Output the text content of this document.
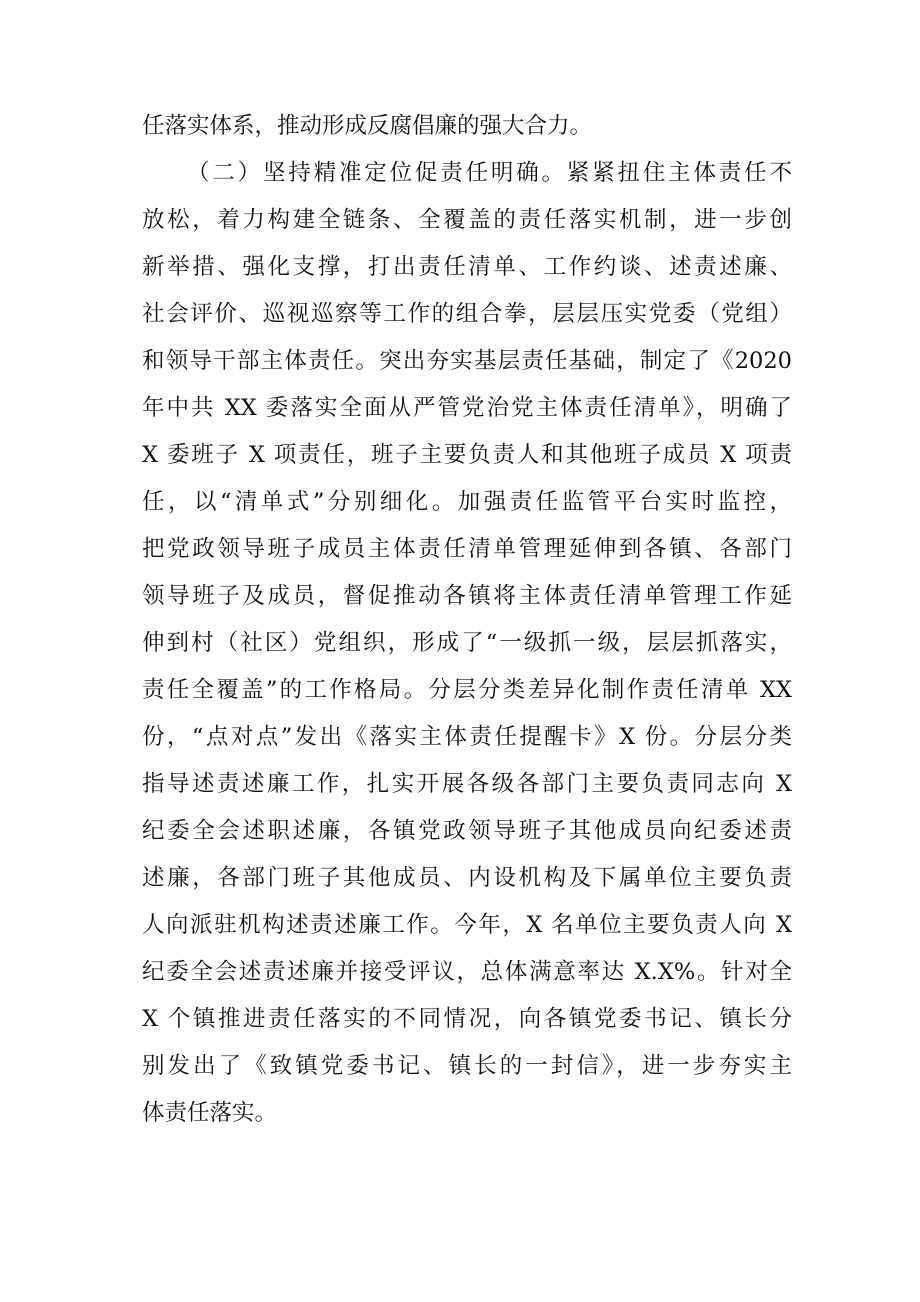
任落实体系，推动形成反腐倡廉的强大合力。
（二）坚持精准定位促责任明确。紧紧扭住主体责任不
放松，着力构建全链条、全覆盖的责任落实机制，进一步创
新举措、强化支撑，打出责任清单、工作约谈、述责述廉、
社会评价、巡视巡察等工作的组合拳，层层压实党委（党组）
和领导干部主体责任。突出夯实基层责任基础，制定了《2020
年中共 XX 委落实全面从严管党治党主体责任清单》，明确了
X 委班子 X 项责任，班子主要负责人和其他班子成员 X 项责
任，以“清单式”分别细化。加强责任监管平台实时监控，
把党政领导班子成员主体责任清单管理延伸到各镇、各部门
领导班子及成员，督促推动各镇将主体责任清单管理工作延
伸到村（社区）党组织，形成了“一级抓一级，层层抓落实，
责任全覆盖”的工作格局。分层分类差异化制作责任清单 XX
份，“点对点”发出《落实主体责任提醒卡》X 份。分层分类
指导述责述廉工作，扎实开展各级各部门主要负责同志向 X
纪委全会述职述廉，各镇党政领导班子其他成员向纪委述责
述廉，各部门班子其他成员、内设机构及下属单位主要负责
人向派驻机构述责述廉工作。今年，X 名单位主要负责人向 X
纪委全会述责述廉并接受评议，总体满意率达 X.X%。针对全
X 个镇推进责任落实的不同情况，向各镇党委书记、镇长分
别发出了《致镇党委书记、镇长的一封信》，进一步夯实主
体责任落实。
